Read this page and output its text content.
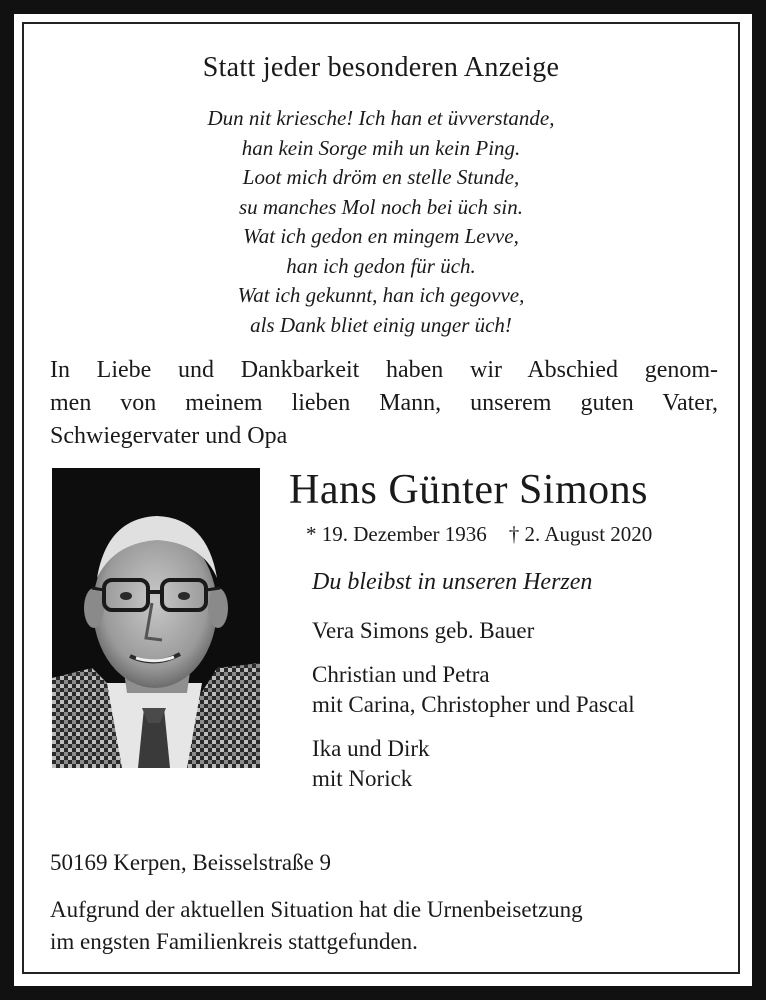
Statt jeder besonderen Anzeige
Dun nit kriesche! Ich han et üvverstande,
han kein Sorge mih un kein Ping.
Loot mich dröm en stelle Stunde,
su manches Mol noch bei üch sin.
Wat ich gedon en mingem Levve,
han ich gedon für üch.
Wat ich gekunnt, han ich gegovve,
als Dank bliet einig unger üch!
In Liebe und Dankbarkeit haben wir Abschied genom-
men von meinem lieben Mann, unserem guten Vater,
Schwiegervater und Opa
Hans Günter Simons
* 19. Dezember 1936 † 2. August 2020
Du bleibst in unseren Herzen
Vera Simons geb. Bauer
Christian und Petra
mit Carina, Christopher und Pascal
Ika und Dirk
mit Norick
50169 Kerpen, Beisselstraße 9
Aufgrund der aktuellen Situation hat die Urnenbeisetzung
im engsten Familienkreis stattgefunden.
